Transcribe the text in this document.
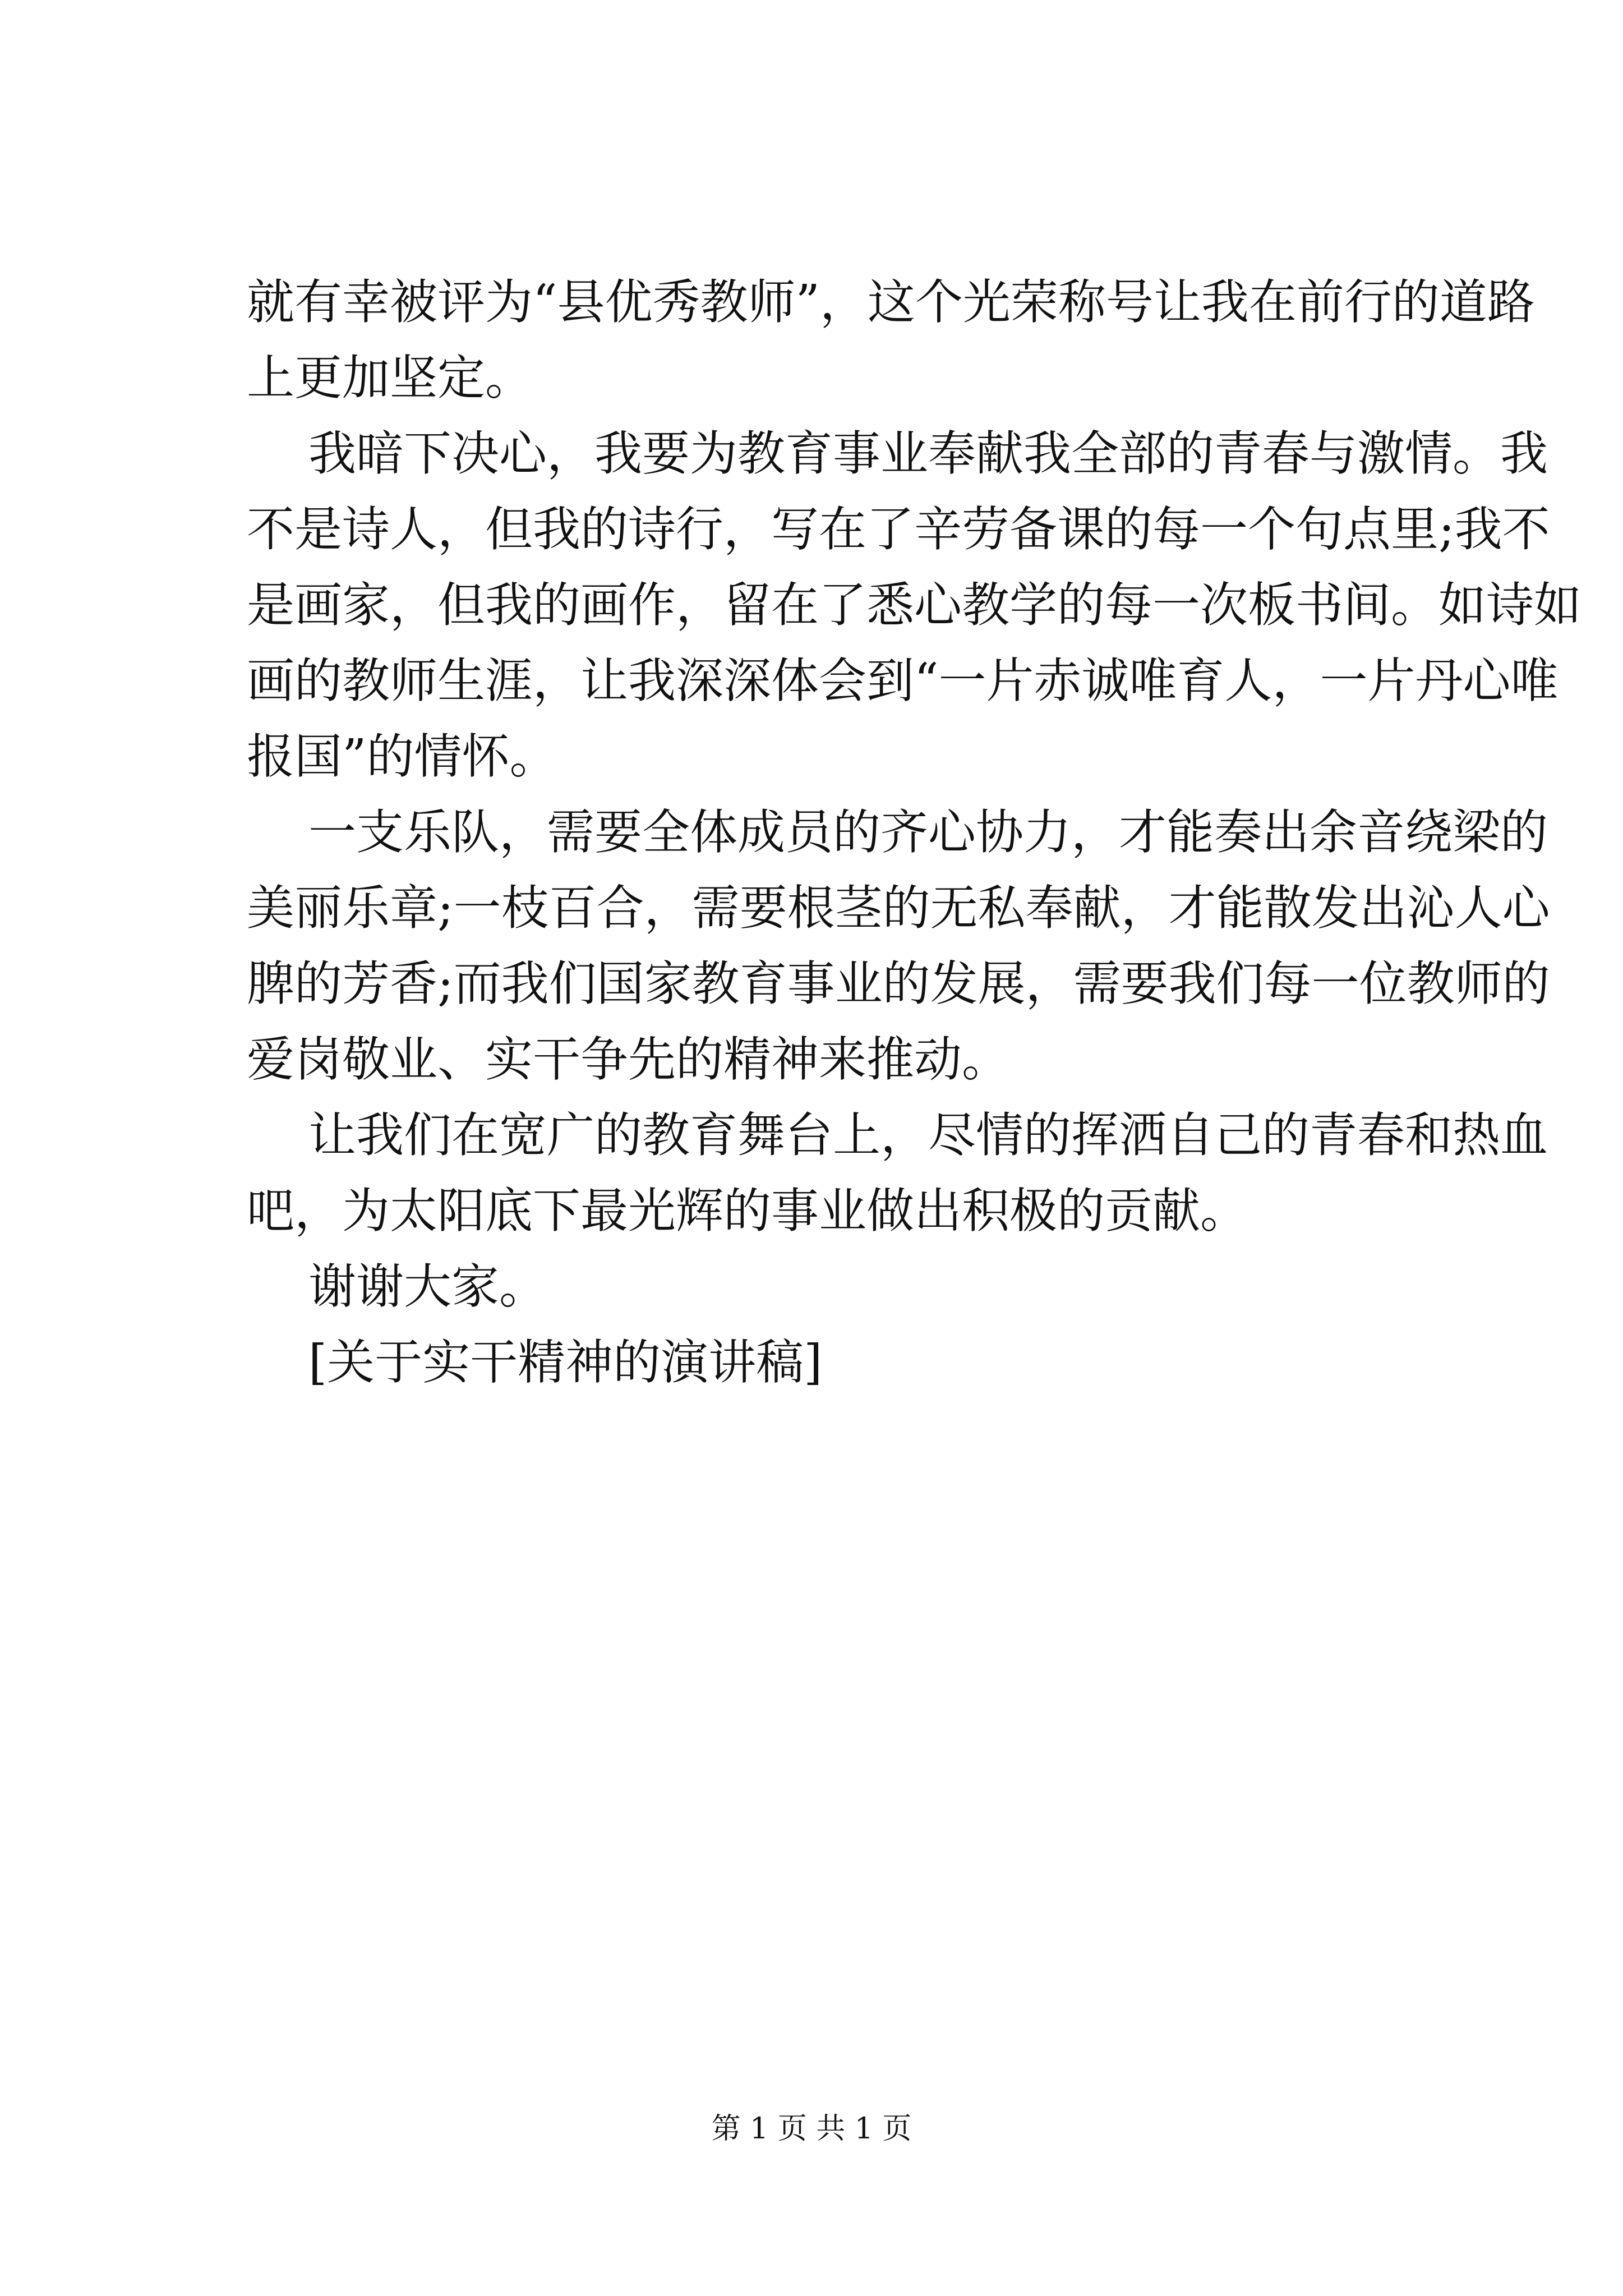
就有幸被评为“县优秀教师”，这个光荣称号让我在前行的道路
上更加坚定。
我暗下决心，我要为教育事业奉献我全部的青春与激情。我
不是诗人，但我的诗行，写在了辛劳备课的每一个句点里;我不
是画家，但我的画作，留在了悉心教学的每一次板书间。如诗如
画的教师生涯，让我深深体会到“一片赤诚唯育人，一片丹心唯
报国”的情怀。
一支乐队，需要全体成员的齐心协力，才能奏出余音绕梁的
美丽乐章;一枝百合，需要根茎的无私奉献，才能散发出沁人心
脾的芳香;而我们国家教育事业的发展，需要我们每一位教师的
爱岗敬业、实干争先的精神来推动。
让我们在宽广的教育舞台上，尽情的挥洒自己的青春和热血
吧，为太阳底下最光辉的事业做出积极的贡献。
谢谢大家。
[关于实干精神的演讲稿]
第 1 页 共 1 页
